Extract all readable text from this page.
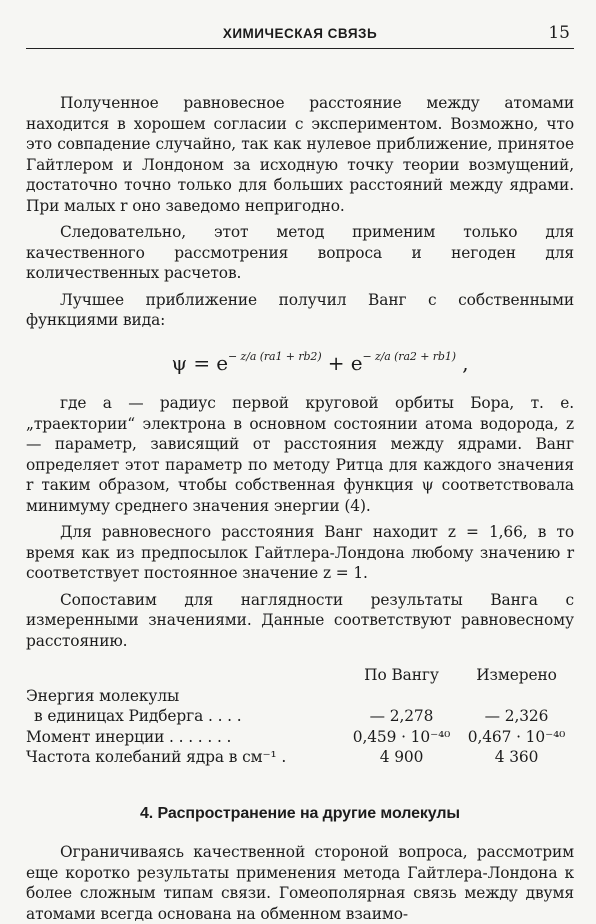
ХИМИЧЕСКАЯ СВЯЗЬ	15

Полученное равновесное расстояние между атомами находится в хорошем согласии с экспериментом. Возможно, что это совпадение случайно, так как нулевое приближение, принятое Гайтлером и Лондоном за исходную точку теории возмущений, достаточно точно только для больших расстояний между ядрами. При малых r оно заведомо непригодно.

Следовательно, этот метод применим только для качественного рассмотрения вопроса и негоден для количественных расчетов.

Лучшее приближение получил Ванг с собственными функциями вида:

$\psi = e^{- z/a (ra1 + rb2)} + e^{- z/a (ra2 + rb1)}$ ,

где a — радиус первой круговой орбиты Бора, т. е. „траектории“ электрона в основном состоянии атома водорода, z — параметр, зависящий от расстояния между ядрами. Ванг определяет этот параметр по методу Ритца для каждого значения r таким образом, чтобы собственная функция ψ соответствовала минимуму среднего значения энергии (4).

Для равновесного расстояния Ванг находит z = 1,66, в то время как из предпосылок Гайтлера-Лондона любому значению r соответствует постоянное значение z = 1.

Сопоставим для наглядности результаты Ванга с измеренными значениями. Данные соответствуют равновесному расстоянию.

	По Вангу	Измерено
Энергия молекулы		
в единицах Ридберга . . . .	— 2,278	— 2,326
Момент инерции . . . . . . .	0,459 · 10⁻⁴⁰	0,467 · 10⁻⁴⁰
Частота колебаний ядра в см⁻¹ .	4 900	4 360
4. Распространение на другие молекулы

Ограничиваясь качественной стороной вопроса, рассмотрим еще коротко результаты применения метода Гайтлера-Лондона к более сложным типам связи. Гомеополярная связь между двумя атомами всегда основана на обменном взаимо-
